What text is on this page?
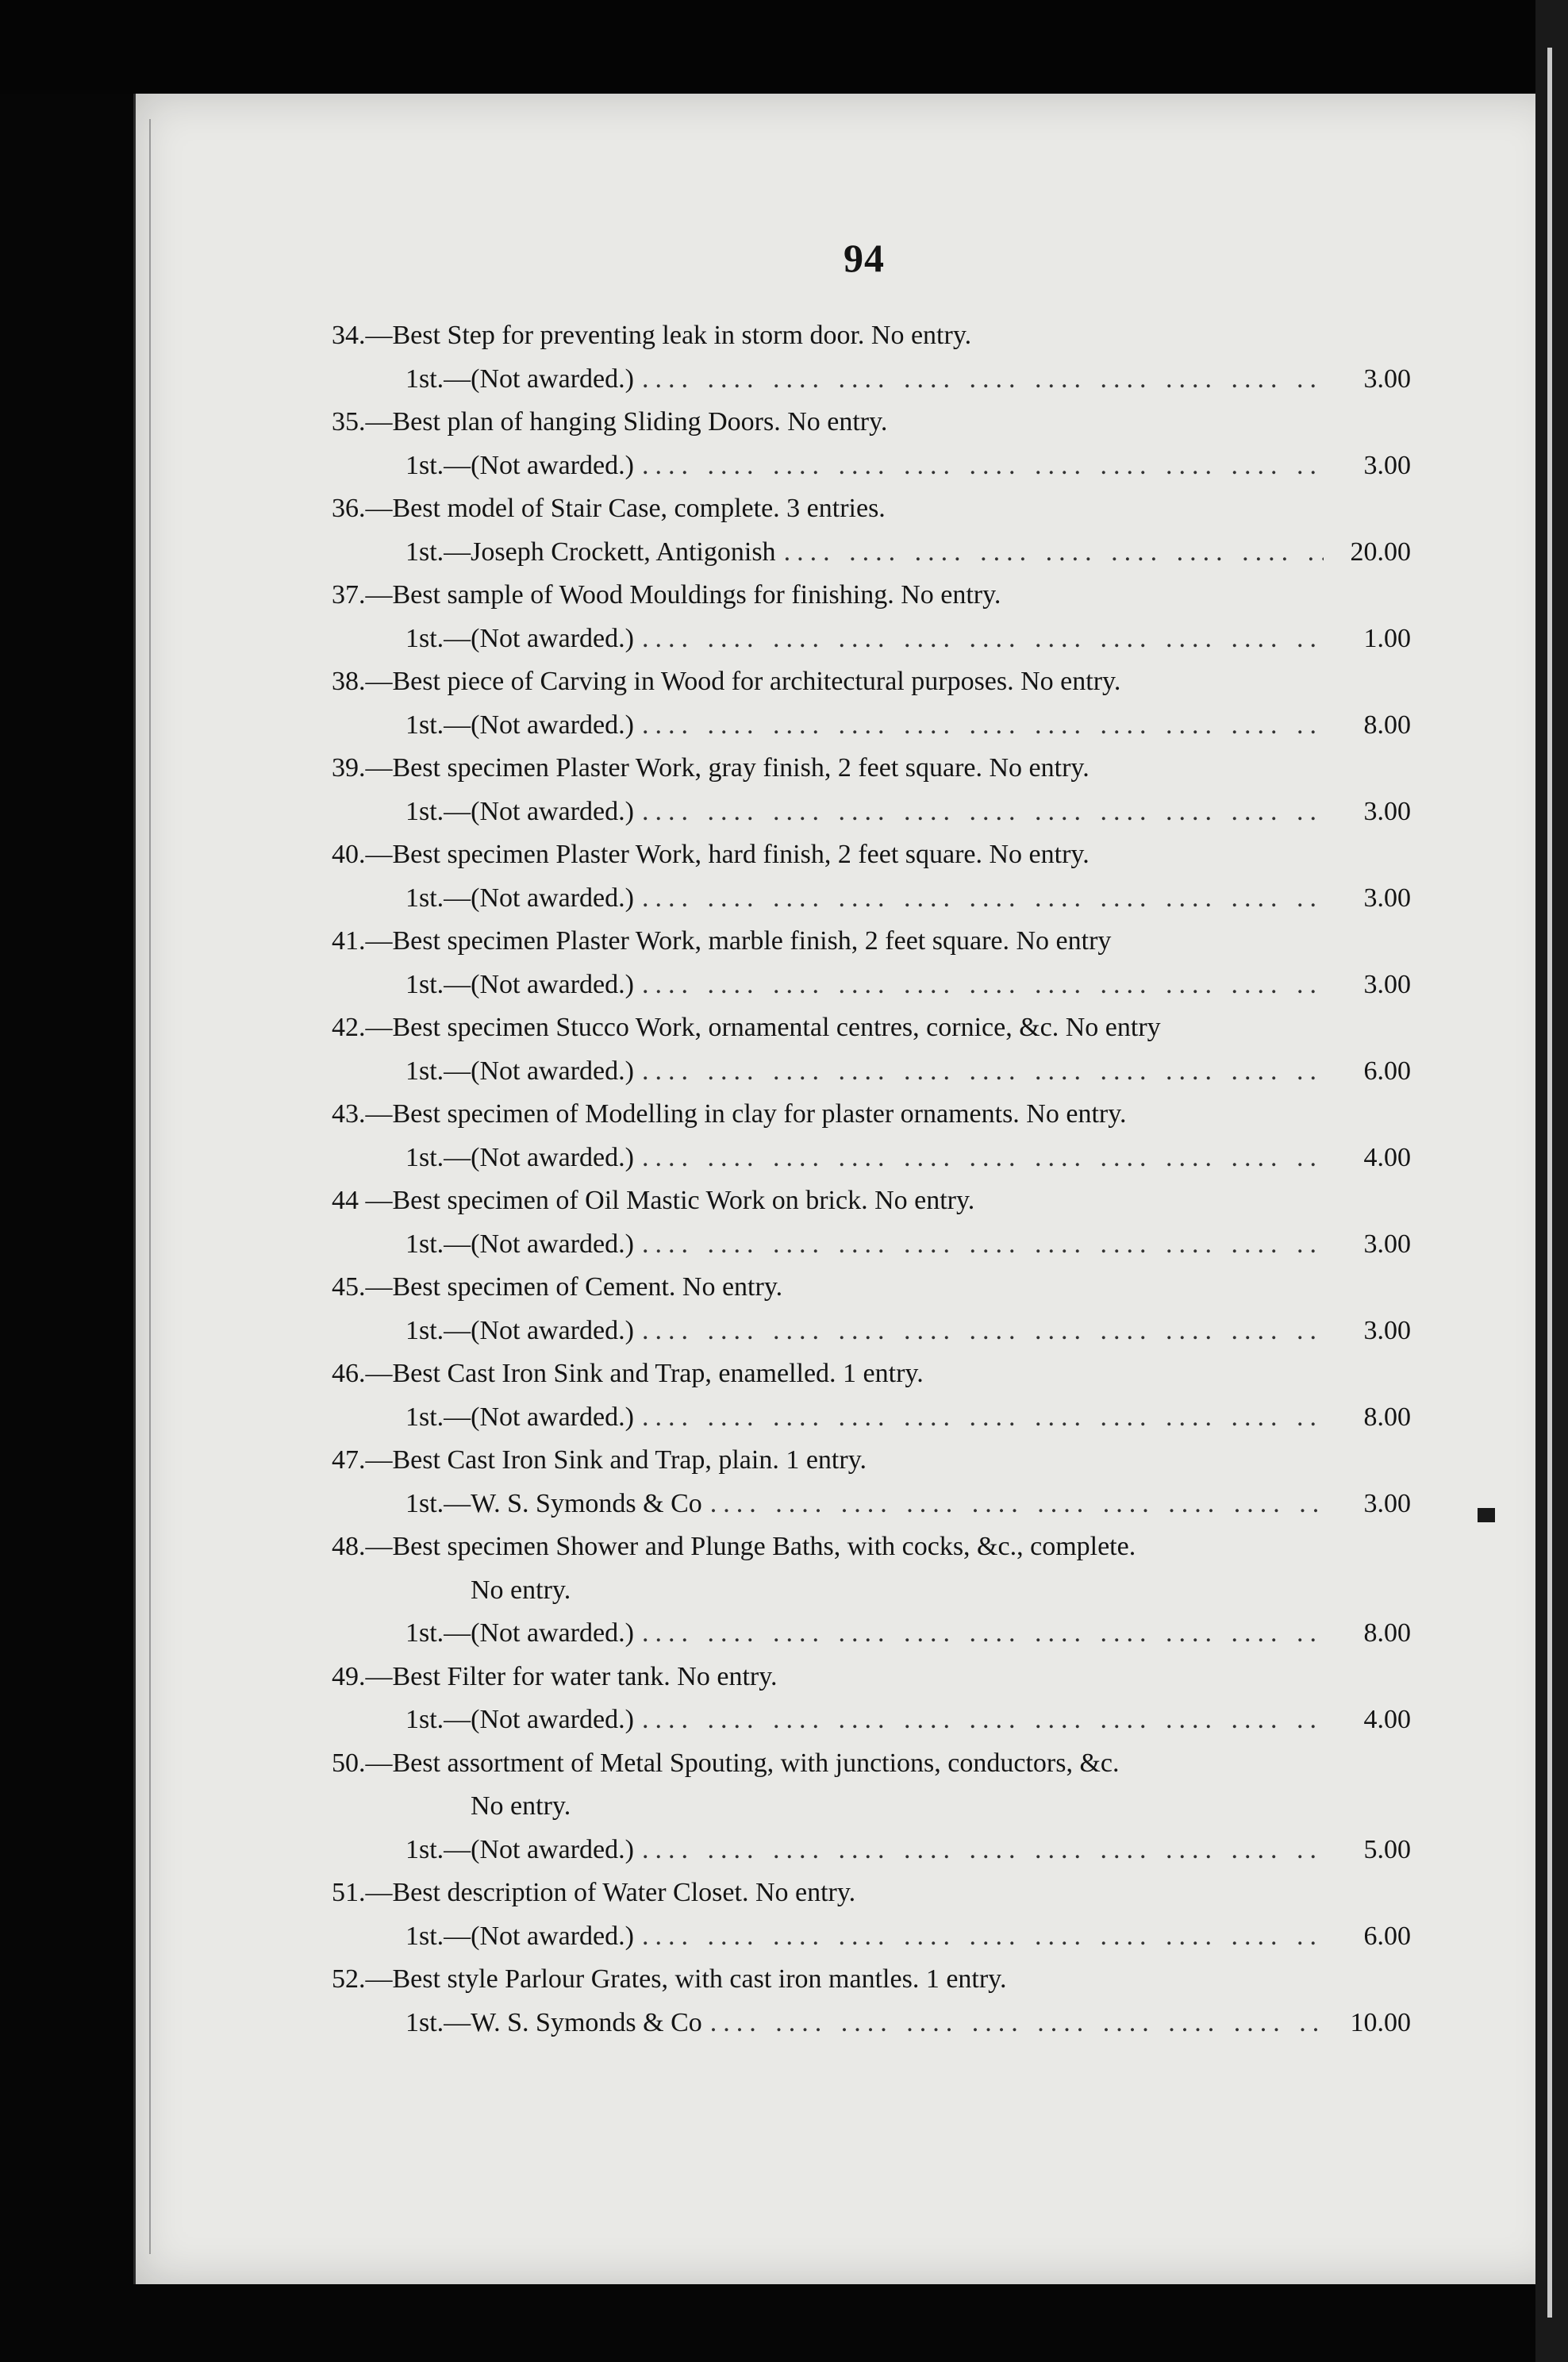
94
34.—Best Step for preventing leak in storm door. No entry.
1st.—(Not awarded.) ....	3.00
35.—Best plan of hanging Sliding Doors. No entry.
1st.—(Not awarded.) ....	3.00
36.—Best model of Stair Case, complete. 3 entries.
1st.—Joseph Crockett, Antigonish ....	20.00
37.—Best sample of Wood Mouldings for finishing. No entry.
1st.—(Not awarded.) ....	1.00
38.—Best piece of Carving in Wood for architectural purposes. No entry.
1st.—(Not awarded.) ....	8.00
39.—Best specimen Plaster Work, gray finish, 2 feet square. No entry.
1st.—(Not awarded.) ....	3.00
40.—Best specimen Plaster Work, hard finish, 2 feet square. No entry.
1st.—(Not awarded.) ....	3.00
41.—Best specimen Plaster Work, marble finish, 2 feet square. No entry
1st.—(Not awarded.) ....	3.00
42.—Best specimen Stucco Work, ornamental centres, cornice, &c. No entry
1st.—(Not awarded.) ....	6.00
43.—Best specimen of Modelling in clay for plaster ornaments. No entry.
1st.—(Not awarded.) ....	4.00
44 —Best specimen of Oil Mastic Work on brick. No entry.
1st.—(Not awarded.) ....	3.00
45.—Best specimen of Cement. No entry.
1st.—(Not awarded.) ....	3.00
46.—Best Cast Iron Sink and Trap, enamelled. 1 entry.
1st.—(Not awarded.) ....	8.00
47.—Best Cast Iron Sink and Trap, plain. 1 entry.
1st.—W. S. Symonds & Co ....	3.00
48.—Best specimen Shower and Plunge Baths, with cocks, &c., complete.
No entry.
1st.—(Not awarded.) ....	8.00
49.—Best Filter for water tank. No entry.
1st.—(Not awarded.) ....	4.00
50.—Best assortment of Metal Spouting, with junctions, conductors, &c.
No entry.
1st.—(Not awarded.) ....	5.00
51.—Best description of Water Closet. No entry.
1st.—(Not awarded.) ....	6.00
52.—Best style Parlour Grates, with cast iron mantles. 1 entry.
1st.—W. S. Symonds & Co ....	10.00
